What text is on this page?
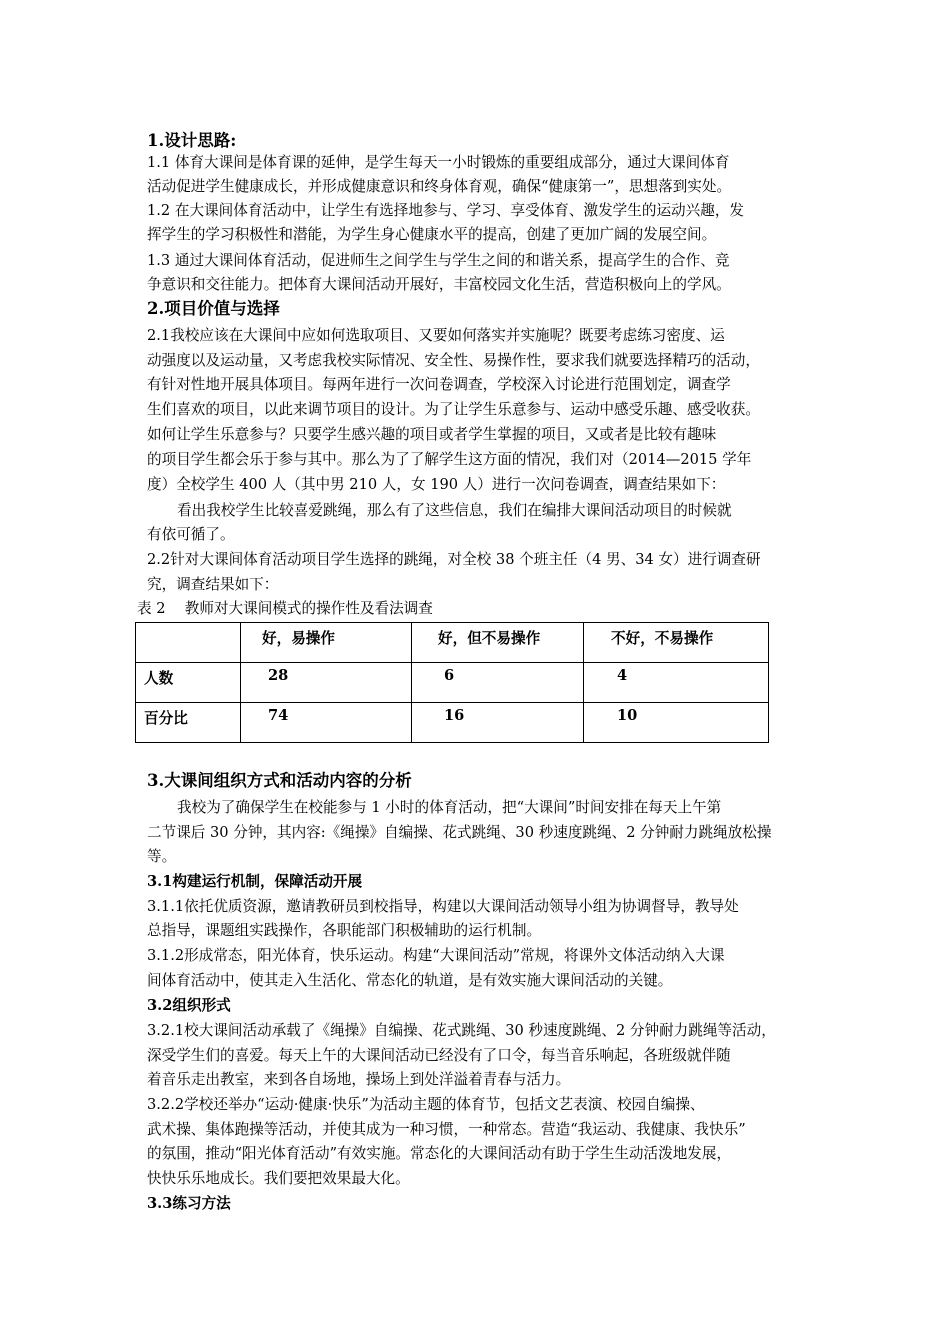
1.设计思路:
1.1 体育大课间是体育课的延伸，是学生每天一小时锻炼的重要组成部分，通过大课间体育
活动促进学生健康成长，并形成健康意识和终身体育观，确保“健康第一”，思想落到实处。
1.2 在大课间体育活动中，让学生有选择地参与、学习、享受体育、激发学生的运动兴趣，发
挥学生的学习积极性和潜能，为学生身心健康水平的提高，创建了更加广阔的发展空间。
1.3 通过大课间体育活动，促进师生之间学生与学生之间的和谐关系，提高学生的合作、竞
争意识和交往能力。把体育大课间活动开展好，丰富校园文化生活，营造积极向上的学风。
2.项目价值与选择
2.1我校应该在大课间中应如何选取项目、又要如何落实并实施呢？既要考虑练习密度、运
动强度以及运动量，又考虑我校实际情况、安全性、易操作性，要求我们就要选择精巧的活动，
有针对性地开展具体项目。每两年进行一次问卷调查，学校深入讨论进行范围划定，调查学
生们喜欢的项目，以此来调节项目的设计。为了让学生乐意参与、运动中感受乐趣、感受收获。
如何让学生乐意参与？只要学生感兴趣的项目或者学生掌握的项目，又或者是比较有趣味
的项目学生都会乐于参与其中。那么为了了解学生这方面的情况，我们对（2014—2015 学年
度）全校学生 400 人（其中男 210 人，女 190 人）进行一次问卷调查，调查结果如下：
看出我校学生比较喜爱跳绳，那么有了这些信息，我们在编排大课间活动项目的时候就
有依可循了。
2.2针对大课间体育活动项目学生选择的跳绳，对全校 38 个班主任（4 男、34 女）进行调查研
究，调查结果如下：
表 2　 教师对大课间模式的操作性及看法调查

	好，易操作	好，但不易操作	不好，不易操作

人数	28	6	4

百分比	74	16	10
3.大课间组织方式和活动内容的分析
我校为了确保学生在校能参与 1 小时的体育活动，把“大课间”时间安排在每天上午第
二节课后 30 分钟，其内容:《绳操》自编操、花式跳绳、30 秒速度跳绳、2 分钟耐力跳绳放松操
等。
3.1构建运行机制，保障活动开展
3.1.1依托优质资源，邀请教研员到校指导，构建以大课间活动领导小组为协调督导，教导处
总指导，课题组实践操作，各职能部门积极辅助的运行机制。
3.1.2形成常态，阳光体育，快乐运动。构建“大课间活动”常规，将课外文体活动纳入大课
间体育活动中，使其走入生活化、常态化的轨道，是有效实施大课间活动的关键。
3.2组织形式
3.2.1校大课间活动承载了《绳操》自编操、花式跳绳、30 秒速度跳绳、2 分钟耐力跳绳等活动，
深受学生们的喜爱。每天上午的大课间活动已经没有了口令，每当音乐响起，各班级就伴随
着音乐走出教室，来到各自场地，操场上到处洋溢着青春与活力。
3.2.2学校还举办“运动·健康·快乐”为活动主题的体育节，包括文艺表演、校园自编操、
武术操、集体跑操等活动，并使其成为一种习惯，一种常态。营造“我运动、我健康、我快乐”
的氛围，推动“阳光体育活动”有效实施。常态化的大课间活动有助于学生生动活泼地发展，
快快乐乐地成长。我们要把效果最大化。
3.3练习方法
